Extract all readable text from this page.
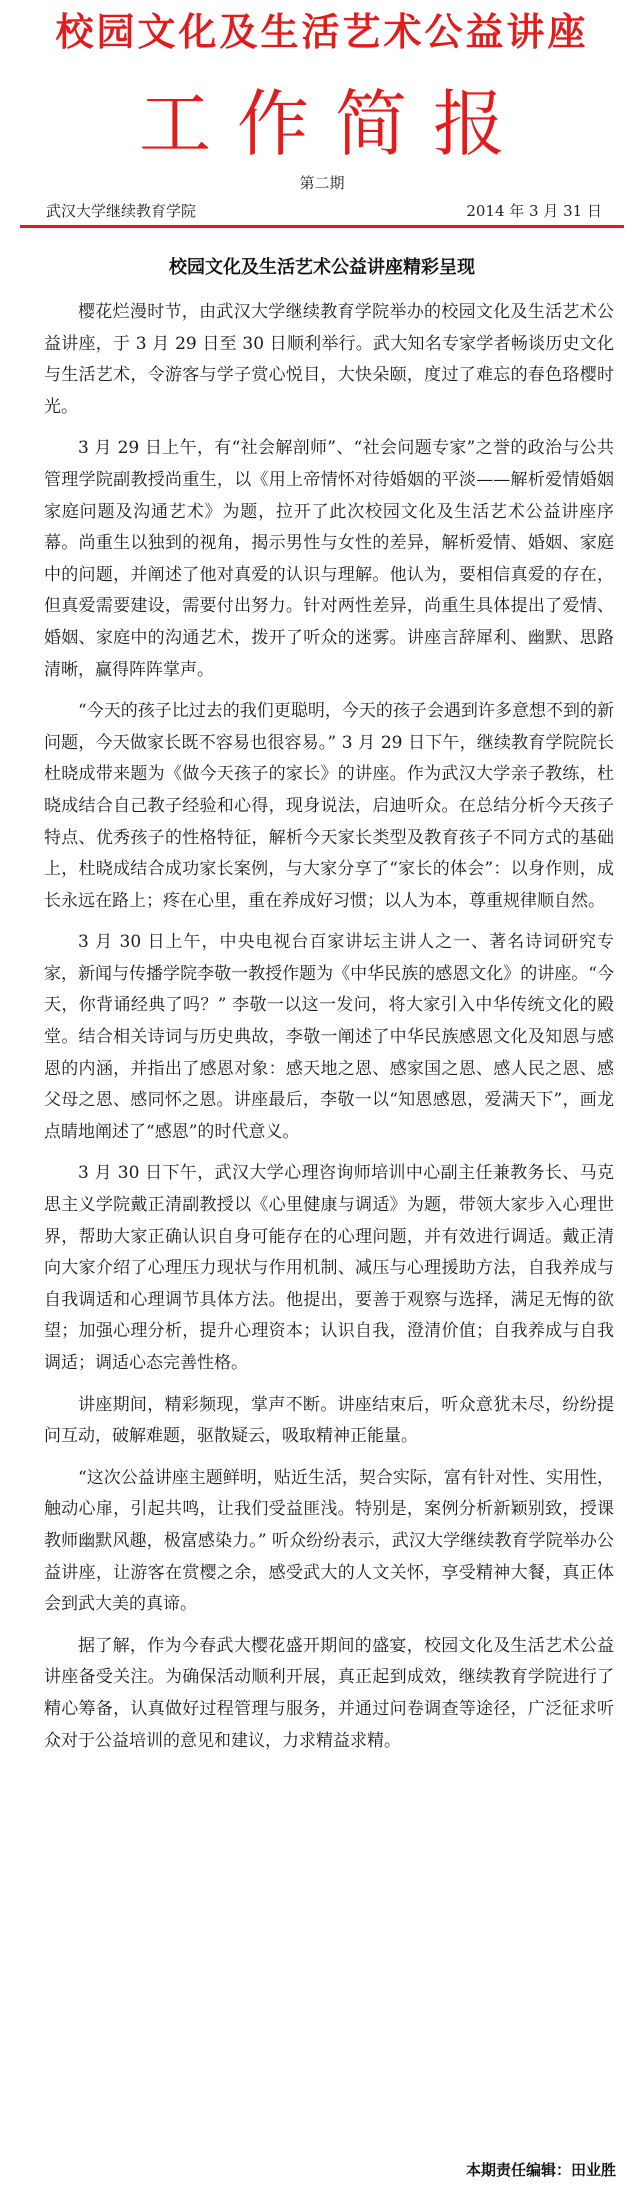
校园文化及生活艺术公益讲座
工作简报
第二期
武汉大学继续教育学院	2014 年 3 月 31 日
校园文化及生活艺术公益讲座精彩呈现

樱花烂漫时节，由武汉大学继续教育学院举办的校园文化及生活艺术公益讲座，于 3 月 29 日至 30 日顺利举行。武大知名专家学者畅谈历史文化与生活艺术，令游客与学子赏心悦目，大快朵颐，度过了难忘的春色珞樱时光。

3 月 29 日上午，有“社会解剖师”、“社会问题专家”之誉的政治与公共管理学院副教授尚重生，以《用上帝情怀对待婚姻的平淡——解析爱情婚姻家庭问题及沟通艺术》为题，拉开了此次校园文化及生活艺术公益讲座序幕。尚重生以独到的视角，揭示男性与女性的差异，解析爱情、婚姻、家庭中的问题，并阐述了他对真爱的认识与理解。他认为，要相信真爱的存在，但真爱需要建设，需要付出努力。针对两性差异，尚重生具体提出了爱情、婚姻、家庭中的沟通艺术，拨开了听众的迷雾。讲座言辞犀利、幽默、思路清晰，赢得阵阵掌声。

“今天的孩子比过去的我们更聪明，今天的孩子会遇到许多意想不到的新问题，今天做家长既不容易也很容易。” 3 月 29 日下午，继续教育学院院长杜晓成带来题为《做今天孩子的家长》的讲座。作为武汉大学亲子教练，杜晓成结合自己教子经验和心得，现身说法，启迪听众。在总结分析今天孩子特点、优秀孩子的性格特征，解析今天家长类型及教育孩子不同方式的基础上，杜晓成结合成功家长案例，与大家分享了“家长的体会”：以身作则，成长永远在路上；疼在心里，重在养成好习惯；以人为本，尊重规律顺自然。

3 月 30 日上午，中央电视台百家讲坛主讲人之一、著名诗词研究专家，新闻与传播学院李敬一教授作题为《中华民族的感恩文化》的讲座。“今天，你背诵经典了吗？” 李敬一以这一发问，将大家引入中华传统文化的殿堂。结合相关诗词与历史典故，李敬一阐述了中华民族感恩文化及知恩与感恩的内涵，并指出了感恩对象：感天地之恩、感家国之恩、感人民之恩、感父母之恩、感同怀之恩。讲座最后，李敬一以“知恩感恩，爱满天下”，画龙点睛地阐述了“感恩”的时代意义。

3 月 30 日下午，武汉大学心理咨询师培训中心副主任兼教务长、马克思主义学院戴正清副教授以《心里健康与调适》为题，带领大家步入心理世界，帮助大家正确认识自身可能存在的心理问题，并有效进行调适。戴正清向大家介绍了心理压力现状与作用机制、减压与心理援助方法，自我养成与自我调适和心理调节具体方法。他提出，要善于观察与选择，满足无悔的欲望；加强心理分析，提升心理资本；认识自我，澄清价值；自我养成与自我调适；调适心态完善性格。

讲座期间，精彩频现，掌声不断。讲座结束后，听众意犹未尽，纷纷提问互动，破解难题，驱散疑云，吸取精神正能量。

“这次公益讲座主题鲜明，贴近生活，契合实际，富有针对性、实用性，触动心扉，引起共鸣，让我们受益匪浅。特别是，案例分析新颖别致，授课教师幽默风趣，极富感染力。” 听众纷纷表示，武汉大学继续教育学院举办公益讲座，让游客在赏樱之余，感受武大的人文关怀，享受精神大餐，真正体会到武大美的真谛。

据了解，作为今春武大樱花盛开期间的盛宴，校园文化及生活艺术公益讲座备受关注。为确保活动顺利开展，真正起到成效，继续教育学院进行了精心筹备，认真做好过程管理与服务，并通过问卷调查等途径，广泛征求听众对于公益培训的意见和建议，力求精益求精。

本期责任编辑：田业胜
